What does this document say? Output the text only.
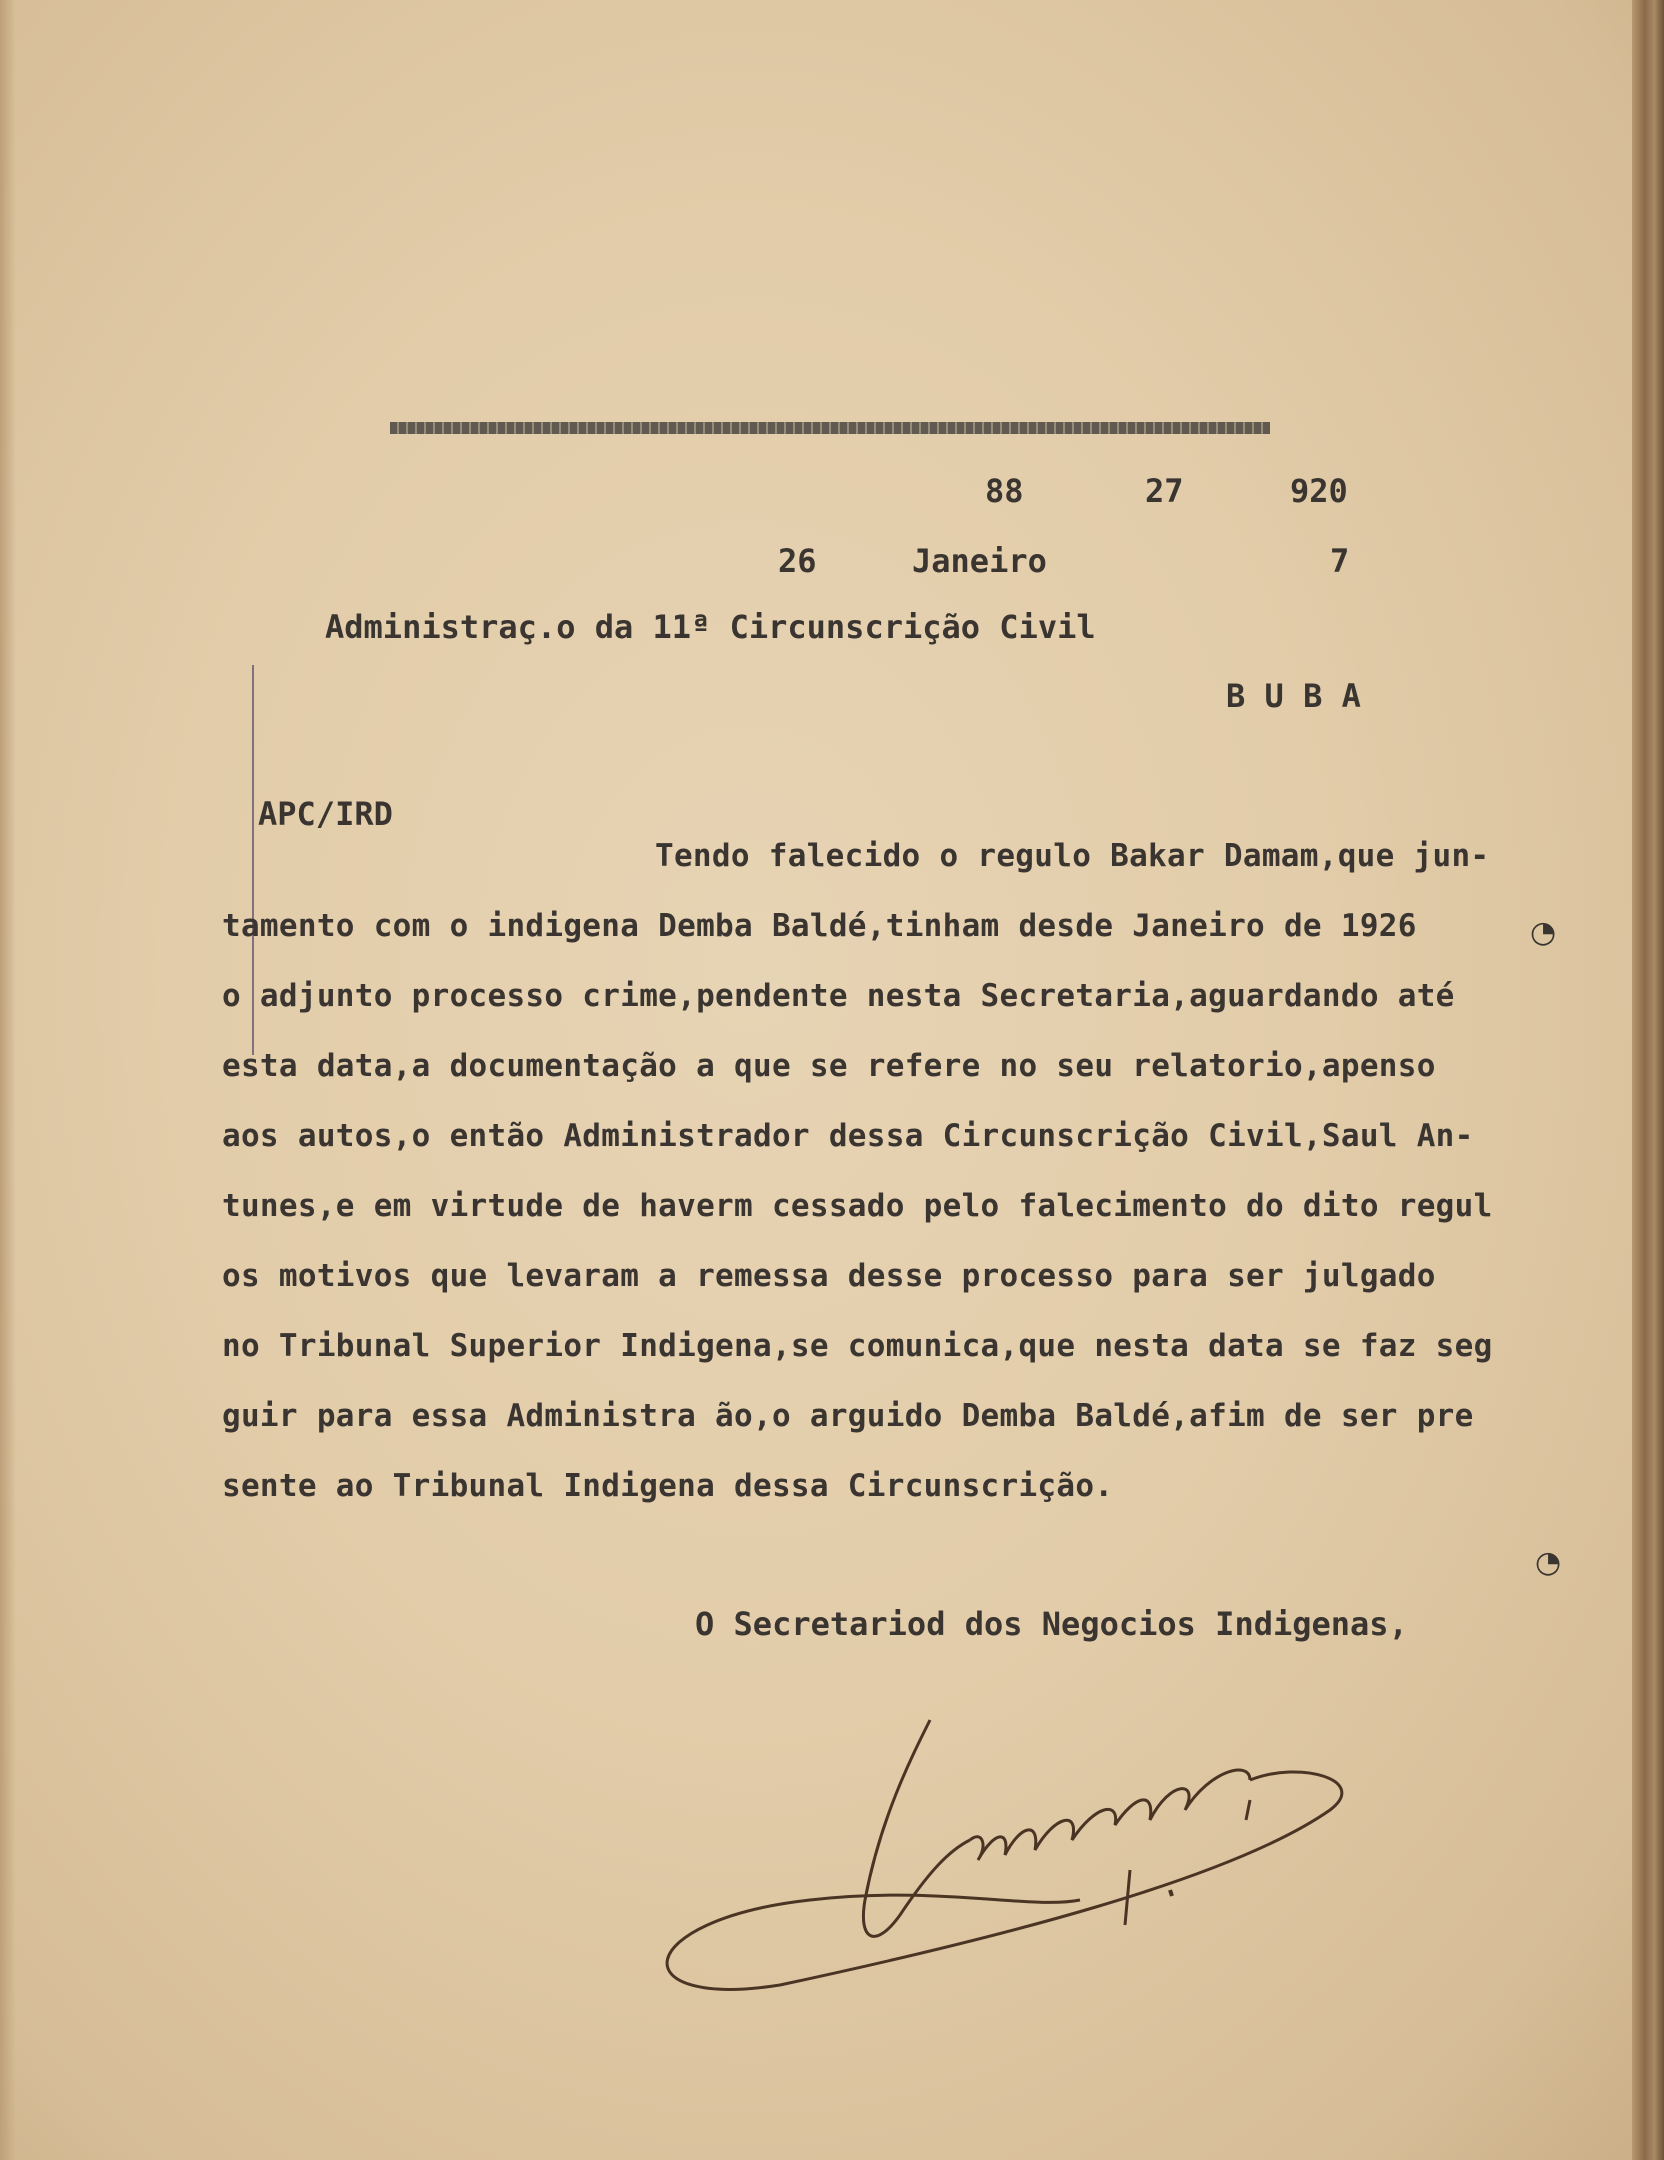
88	27	920
26	Janeiro	7
Administraç.o da 11ª Circunscrição Civil
B U B A
APC/IRD
Tendo falecido o regulo Bakar Damam,que jun-
tamento com o indigena Demba Baldé,tinham desde Janeiro de 1926
o adjunto processo crime,pendente nesta Secretaria,aguardando até
esta data,a documentação a que se refere no seu relatorio,apenso
aos autos,o então Administrador dessa Circunscrição Civil,Saul An-
tunes,e em virtude de haverm cessado pelo falecimento do dito regul
os motivos que levaram a remessa desse processo para ser julgado
no Tribunal Superior Indigena,se comunica,que nesta data se faz seg
guir para essa Administra ão,o arguido Demba Baldé,afim de ser pre
sente ao Tribunal Indigena dessa Circunscrição.
O Secretariod dos Negocios Indigenas,
◔
◔
